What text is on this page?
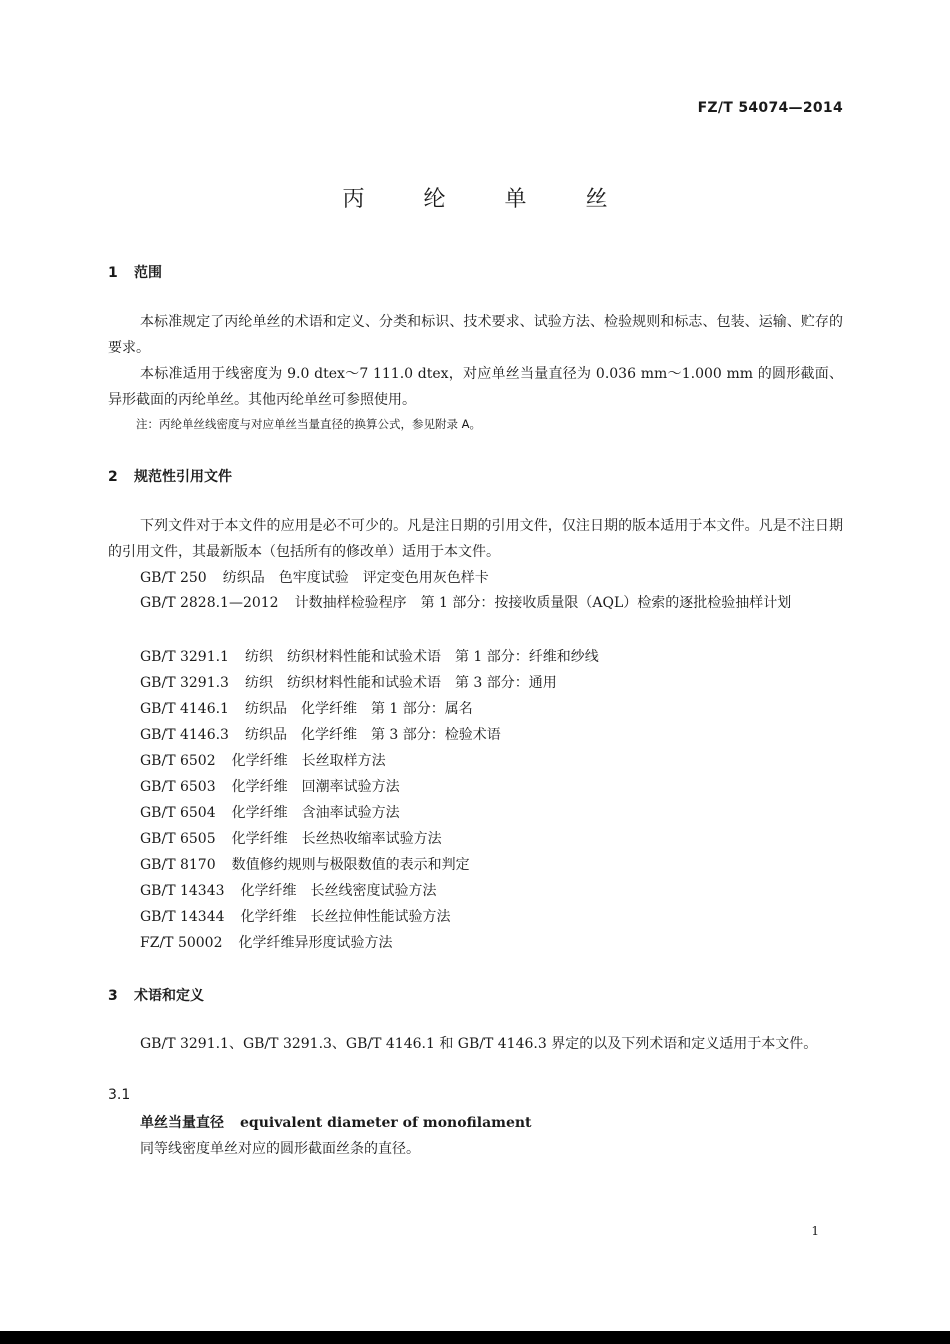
FZ/T 54074—2014
丙 纶 单 丝
1 范围
本标准规定了丙纶单丝的术语和定义、分类和标识、技术要求、试验方法、检验规则和标志、包装、运输、贮存的要求。
本标准适用于线密度为 9.0 dtex～7 111.0 dtex，对应单丝当量直径为 0.036 mm～1.000 mm 的圆形截面、异形截面的丙纶单丝。其他丙纶单丝可参照使用。
注：丙纶单丝线密度与对应单丝当量直径的换算公式，参见附录 A。
2 规范性引用文件
下列文件对于本文件的应用是必不可少的。凡是注日期的引用文件，仅注日期的版本适用于本文件。凡是不注日期的引用文件，其最新版本（包括所有的修改单）适用于本文件。
GB/T 250 纺织品　色牢度试验　评定变色用灰色样卡
GB/T 2828.1—2012 计数抽样检验程序　第 1 部分：按接收质量限（AQL）检索的逐批检验抽样计划
GB/T 3291.1 纺织　纺织材料性能和试验术语　第 1 部分：纤维和纱线
GB/T 3291.3 纺织　纺织材料性能和试验术语　第 3 部分：通用
GB/T 4146.1 纺织品　化学纤维　第 1 部分：属名
GB/T 4146.3 纺织品　化学纤维　第 3 部分：检验术语
GB/T 6502 化学纤维　长丝取样方法
GB/T 6503 化学纤维　回潮率试验方法
GB/T 6504 化学纤维　含油率试验方法
GB/T 6505 化学纤维　长丝热收缩率试验方法
GB/T 8170 数值修约规则与极限数值的表示和判定
GB/T 14343 化学纤维　长丝线密度试验方法
GB/T 14344 化学纤维　长丝拉伸性能试验方法
FZ/T 50002 化学纤维异形度试验方法
3 术语和定义
GB/T 3291.1、GB/T 3291.3、GB/T 4146.1 和 GB/T 4146.3 界定的以及下列术语和定义适用于本文件。
3.1
单丝当量直径 equivalent diameter of monofilament
同等线密度单丝对应的圆形截面丝条的直径。
1
